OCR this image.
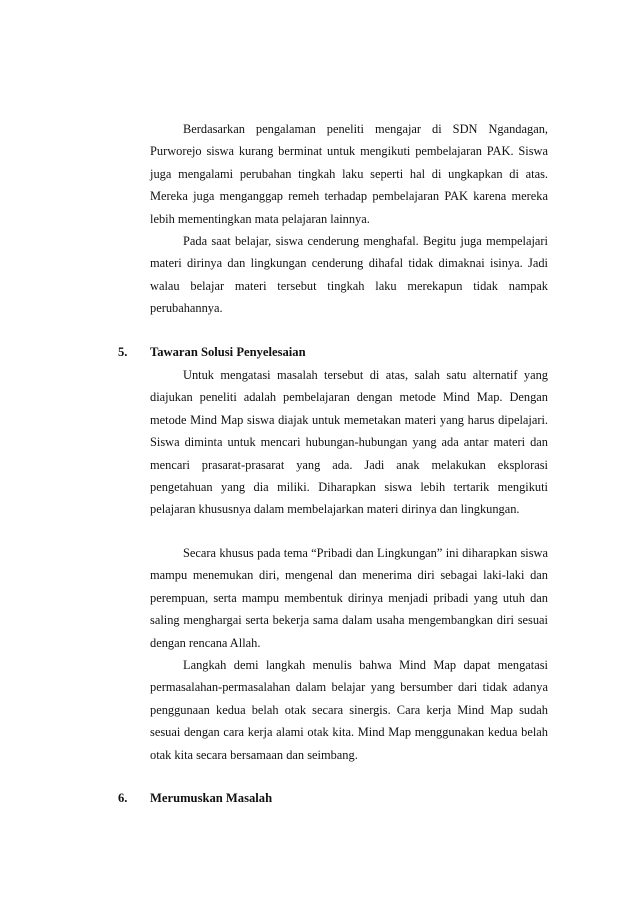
Berdasarkan pengalaman peneliti mengajar di SDN Ngandagan, Purworejo siswa kurang berminat untuk mengikuti pembelajaran PAK. Siswa juga mengalami perubahan tingkah laku seperti hal di ungkapkan di atas. Mereka juga menganggap remeh terhadap pembelajaran PAK karena mereka lebih mementingkan mata pelajaran lainnya.

Pada saat belajar, siswa cenderung menghafal. Begitu juga mempelajari materi dirinya dan lingkungan cenderung dihafal tidak dimaknai isinya. Jadi walau belajar materi tersebut tingkah laku merekapun tidak nampak perubahannya.

5. Tawaran Solusi Penyelesaian

Untuk mengatasi masalah tersebut di atas, salah satu alternatif yang diajukan peneliti adalah pembelajaran dengan metode Mind Map. Dengan metode Mind Map siswa diajak untuk memetakan materi yang harus dipelajari. Siswa diminta untuk mencari hubungan-hubungan yang ada antar materi dan mencari prasarat-prasarat yang ada. Jadi anak melakukan eksplorasi pengetahuan yang dia miliki. Diharapkan siswa lebih tertarik mengikuti pelajaran khususnya dalam membelajarkan materi dirinya dan lingkungan.

Secara khusus pada tema “Pribadi dan Lingkungan” ini diharapkan siswa mampu menemukan diri, mengenal dan menerima diri sebagai laki-laki dan perempuan, serta mampu membentuk dirinya menjadi pribadi yang utuh dan saling menghargai serta bekerja sama dalam usaha mengembangkan diri sesuai dengan rencana Allah.

Langkah demi langkah menulis bahwa Mind Map dapat mengatasi permasalahan-permasalahan dalam belajar yang bersumber dari tidak adanya penggunaan kedua belah otak secara sinergis. Cara kerja Mind Map sudah sesuai dengan cara kerja alami otak kita. Mind Map menggunakan kedua belah otak kita secara bersamaan dan seimbang.

6. Merumuskan Masalah
